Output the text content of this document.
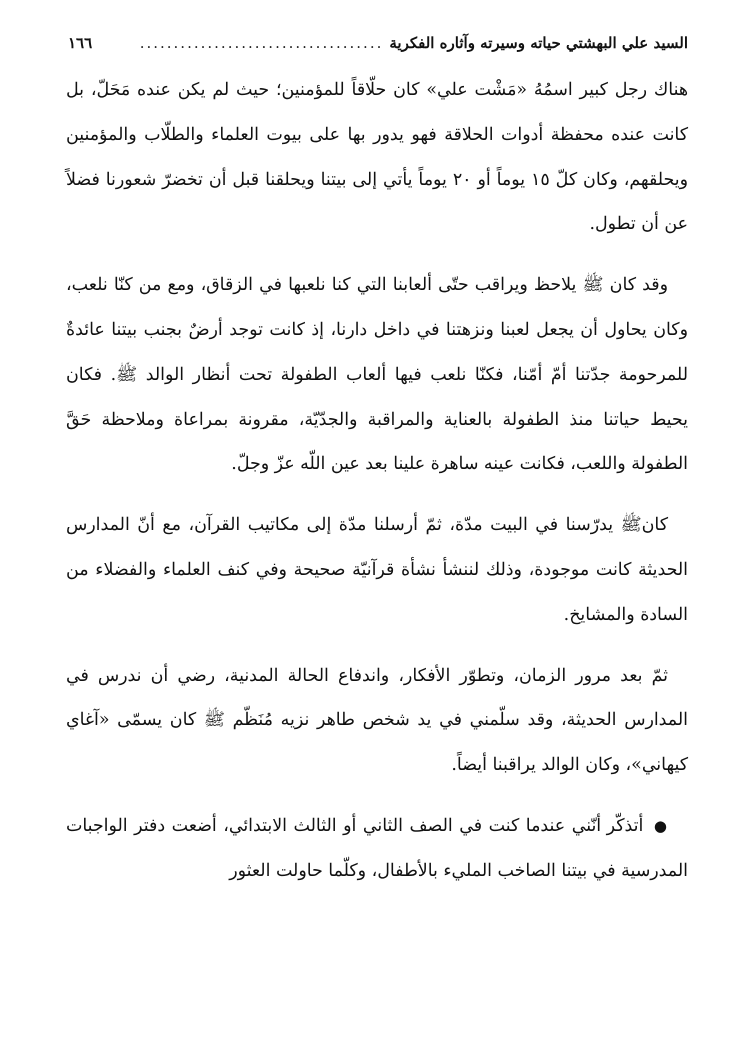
السيد علي البهشتي حياته وسيرته وآثاره الفكرية
....................................
١٦٦

هناك رجل كبير اسمُهُ «مَشْت علي» كان حلّاقاً للمؤمنين؛ حيث لم يكن عنده مَحَلّ، بل كانت عنده محفظة أدوات الحلاقة فهو يدور بها على بيوت العلماء والطلّاب والمؤمنين ويحلقهم، وكان كلّ ١٥ يوماً أو ٢٠ يوماً يأتي إلى بيتنا ويحلقنا قبل أن تخضرّ شعورنا فضلاً عن أن تطول.

وقد كان ﷺ يلاحظ ويراقب حتّى ألعابنا التي كنا نلعبها في الزقاق، ومع من كنّا نلعب، وكان يحاول أن يجعل لعبنا ونزهتنا في داخل دارنا، إذ كانت توجد أرضٌ بجنب بيتنا عائدةٌ للمرحومة جدّتنا أمّ أمّنا، فكنّا نلعب فيها ألعاب الطفولة تحت أنظار الوالد ﷺ. فكان يحيط حياتنا منذ الطفولة بالعناية والمراقبة والجدّيّة، مقرونة بمراعاة وملاحظة حَقَّ الطفولة واللعب، فكانت عينه ساهرة علينا بعد عين اللّه عزّ وجلّ.

كانﷺ يدرّسنا في البيت مدّة، ثمّ أرسلنا مدّة إلى مكاتيب القرآن، مع أنّ المدارس الحديثة كانت موجودة، وذلك لننشأ نشأة قرآنيّة صحيحة وفي كنف العلماء والفضلاء من السادة والمشايخ.

ثمّ بعد مرور الزمان، وتطوّر الأفكار، واندفاع الحالة المدنية، رضي أن ندرس في المدارس الحديثة، وقد سلّمني في يد شخص طاهر نزيه مُنَظّم ﷺ كان يسمّى «آغاي كيهاني»، وكان الوالد يراقبنا أيضاً.

● أتذكّر أنّني عندما كنت في الصف الثاني أو الثالث الابتدائي، أضعت دفتر الواجبات المدرسية في بيتنا الصاخب المليء بالأطفال، وكلّما حاولت العثور
